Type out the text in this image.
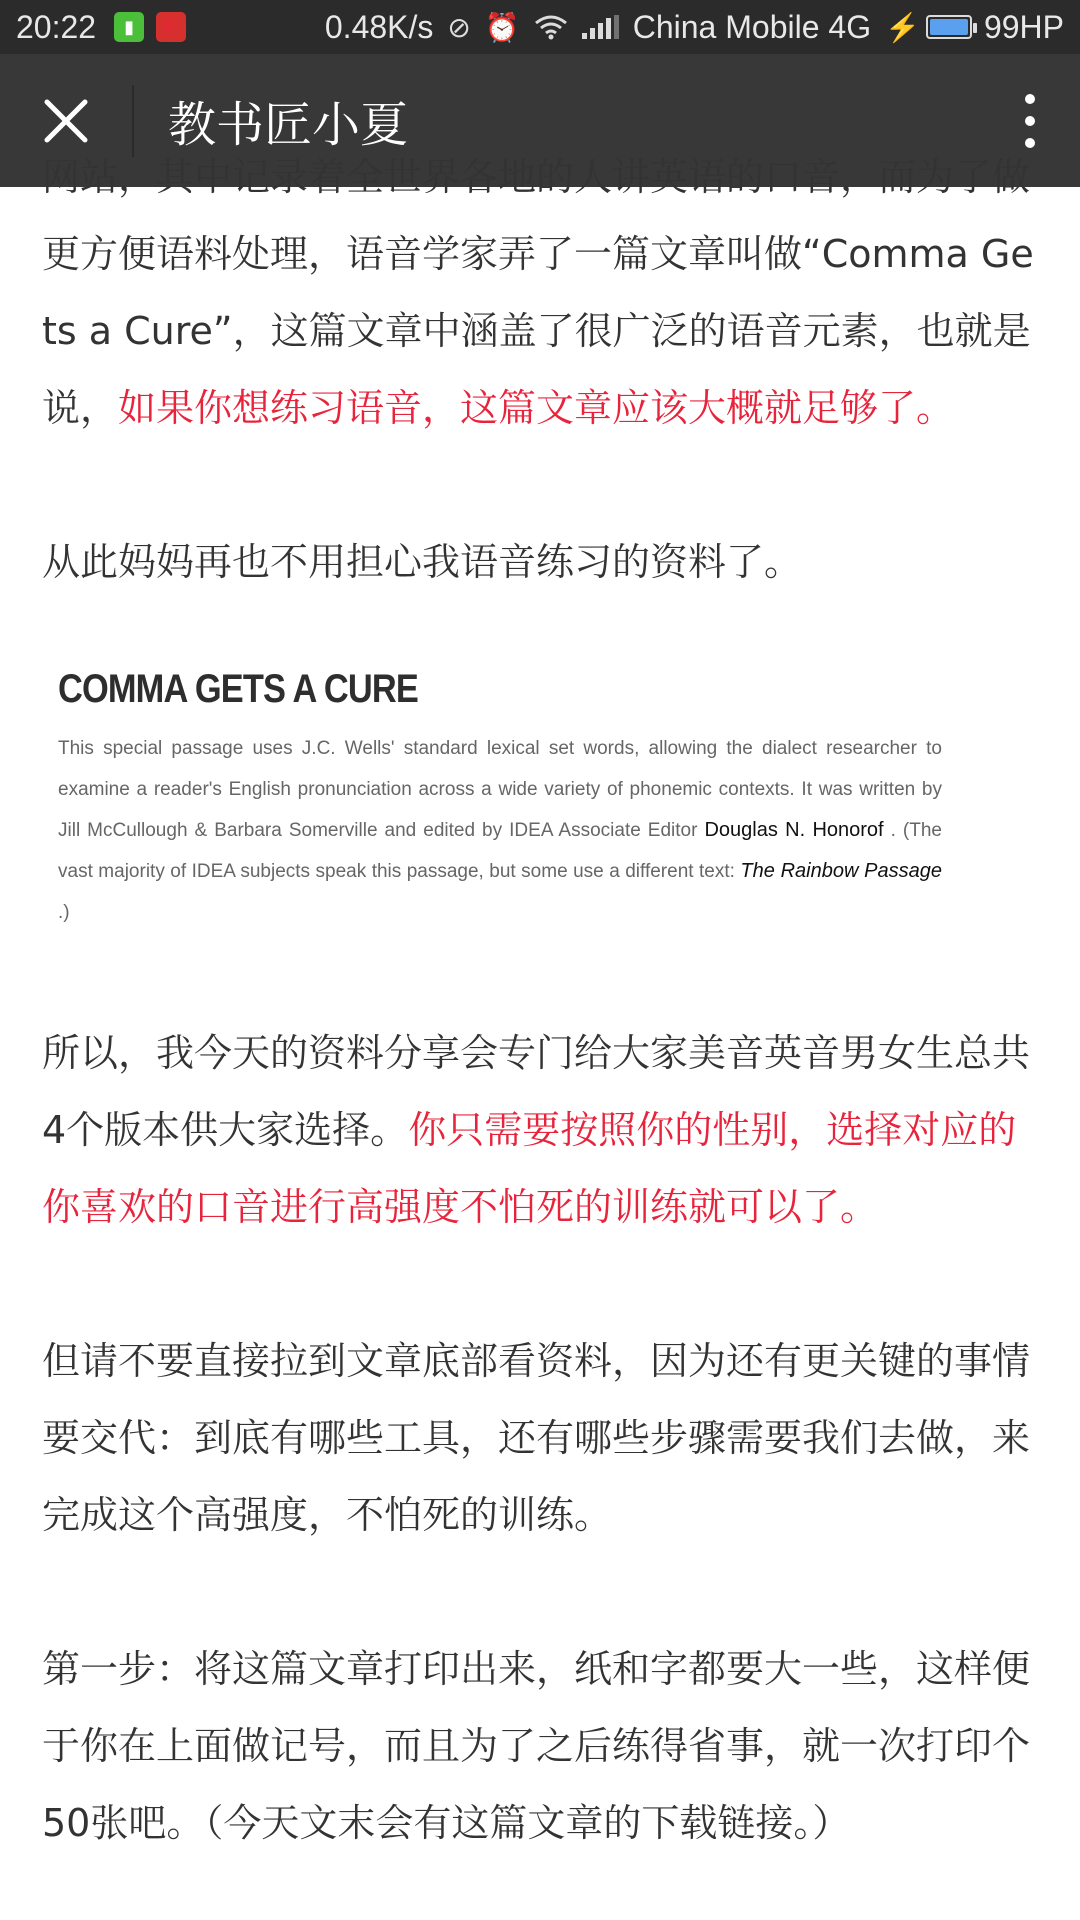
20:22	▮	听	0.48K/s ⊘ ⏰	China Mobile
4G ⚡ 99HP
教书匠小夏

网站，其中记录着全世界各地的人讲英语的口音，而为了做更方便语料处理，语音学家弄了一篇文章叫做“Comma Gets a Cure”，这篇文章中涵盖了很广泛的语音元素，也就是说，如果你想练习语音，这篇文章应该大概就足够了。

从此妈妈再也不用担心我语音练习的资料了。

COMMA GETS A CURE
This special passage uses J.C. Wells' standard lexical set words, allowing the dialect researcher to examine a reader's English pronunciation across a wide variety of phonemic contexts. It was written by Jill McCullough & Barbara Somerville and edited by IDEA Associate Editor Douglas N. Honorof . (The vast majority of IDEA subjects speak this passage, but some use a different text: The Rainbow Passage .)

所以，我今天的资料分享会专门给大家美音英音男女生总共4个版本供大家选择。你只需要按照你的性别，选择对应的你喜欢的口音进行高强度不怕死的训练就可以了。

但请不要直接拉到文章底部看资料，因为还有更关键的事情要交代：到底有哪些工具，还有哪些步骤需要我们去做，来完成这个高强度，不怕死的训练。

第一步：将这篇文章打印出来，纸和字都要大一些，这样便于你在上面做记号，而且为了之后练得省事，就一次打印个50张吧。（今天文末会有这篇文章的下载链接。）
